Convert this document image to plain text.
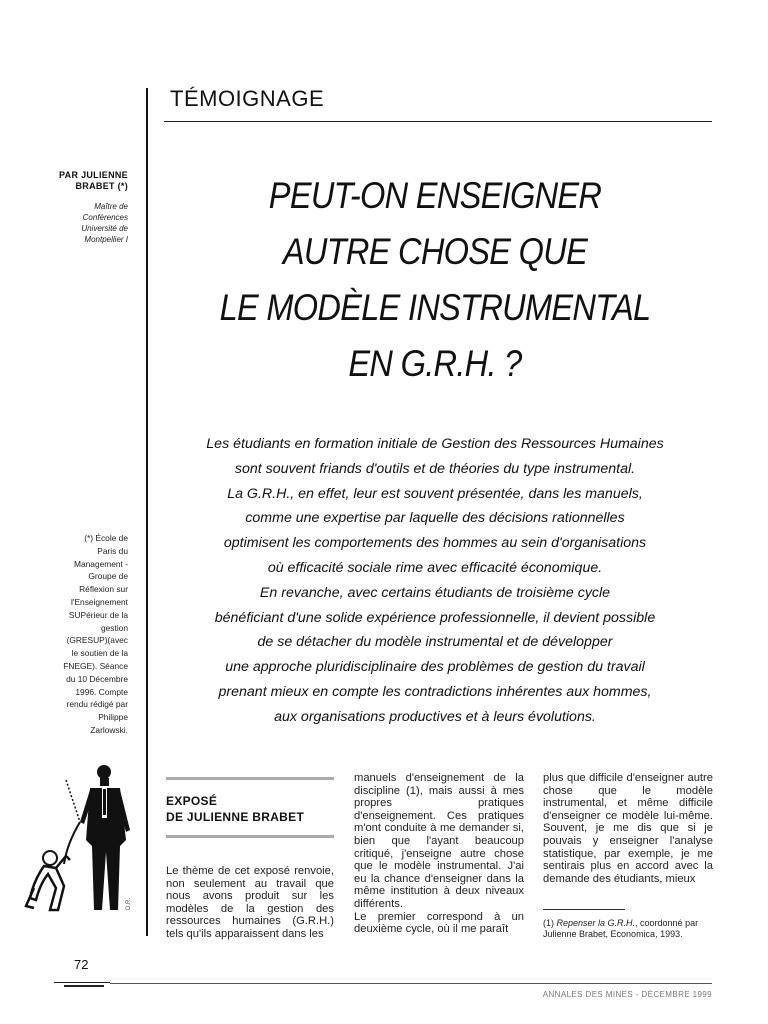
TÉMOIGNAGE
PAR JULIENNE
BRABET (*)
Maître de
Conférences
Université de
Montpellier I
(*) École de
Paris du
Management -
Groupe de
Réflexion sur
l'Enseignement
SUPérieur de la
gestion
(GRESUP)(avec
le soutien de la
FNEGE). Séance
du 10 Décembre
1996. Compte
rendu rédigé par
Philippe
Zarlowski.
PEUT-ON ENSEIGNER
AUTRE CHOSE QUE
LE MODÈLE INSTRUMENTAL
EN G.R.H. ?
Les étudiants en formation initiale de Gestion des Ressources Humaines
sont souvent friands d'outils et de théories du type instrumental.
La G.R.H., en effet, leur est souvent présentée, dans les manuels,
comme une expertise par laquelle des décisions rationnelles
optimisent les comportements des hommes au sein d'organisations
où efficacité sociale rime avec efficacité économique.
En revanche, avec certains étudiants de troisième cycle
bénéficiant d'une solide expérience professionnelle, il devient possible
de se détacher du modèle instrumental et de développer
une approche pluridisciplinaire des problèmes de gestion du travail
prenant mieux en compte les contradictions inhérentes aux hommes,
aux organisations productives et à leurs évolutions.
D.R.
EXPOSÉ
DE JULIENNE BRABET

Le thème de cet exposé renvoie, non seulement au travail que nous avons produit sur les modèles de la gestion des ressources humaines (G.R.H.) tels qu'ils apparaissent dans les

manuels d'enseignement de la discipline (1), mais aussi à mes propres pratiques d'enseignement. Ces pratiques m'ont conduite à me demander si, bien que l'ayant beaucoup critiqué, j'enseigne autre chose que le modèle instrumental. J'ai eu la chance d'enseigner dans la même institution à deux niveaux différents.

Le premier correspond à un deuxième cycle, où il me paraît

plus que difficile d'enseigner autre chose que le modèle instrumental, et même difficile d'enseigner ce modèle lui-même. Souvent, je me dis que si je pouvais y enseigner l'analyse statistique, par exemple, je me sentirais plus en accord avec la demande des étudiants, mieux

(1) Repenser la G.R.H., coordonné par Julienne Brabet, Economica, 1993.
72
ANNALES DES MINES - DÉCEMBRE 1999
